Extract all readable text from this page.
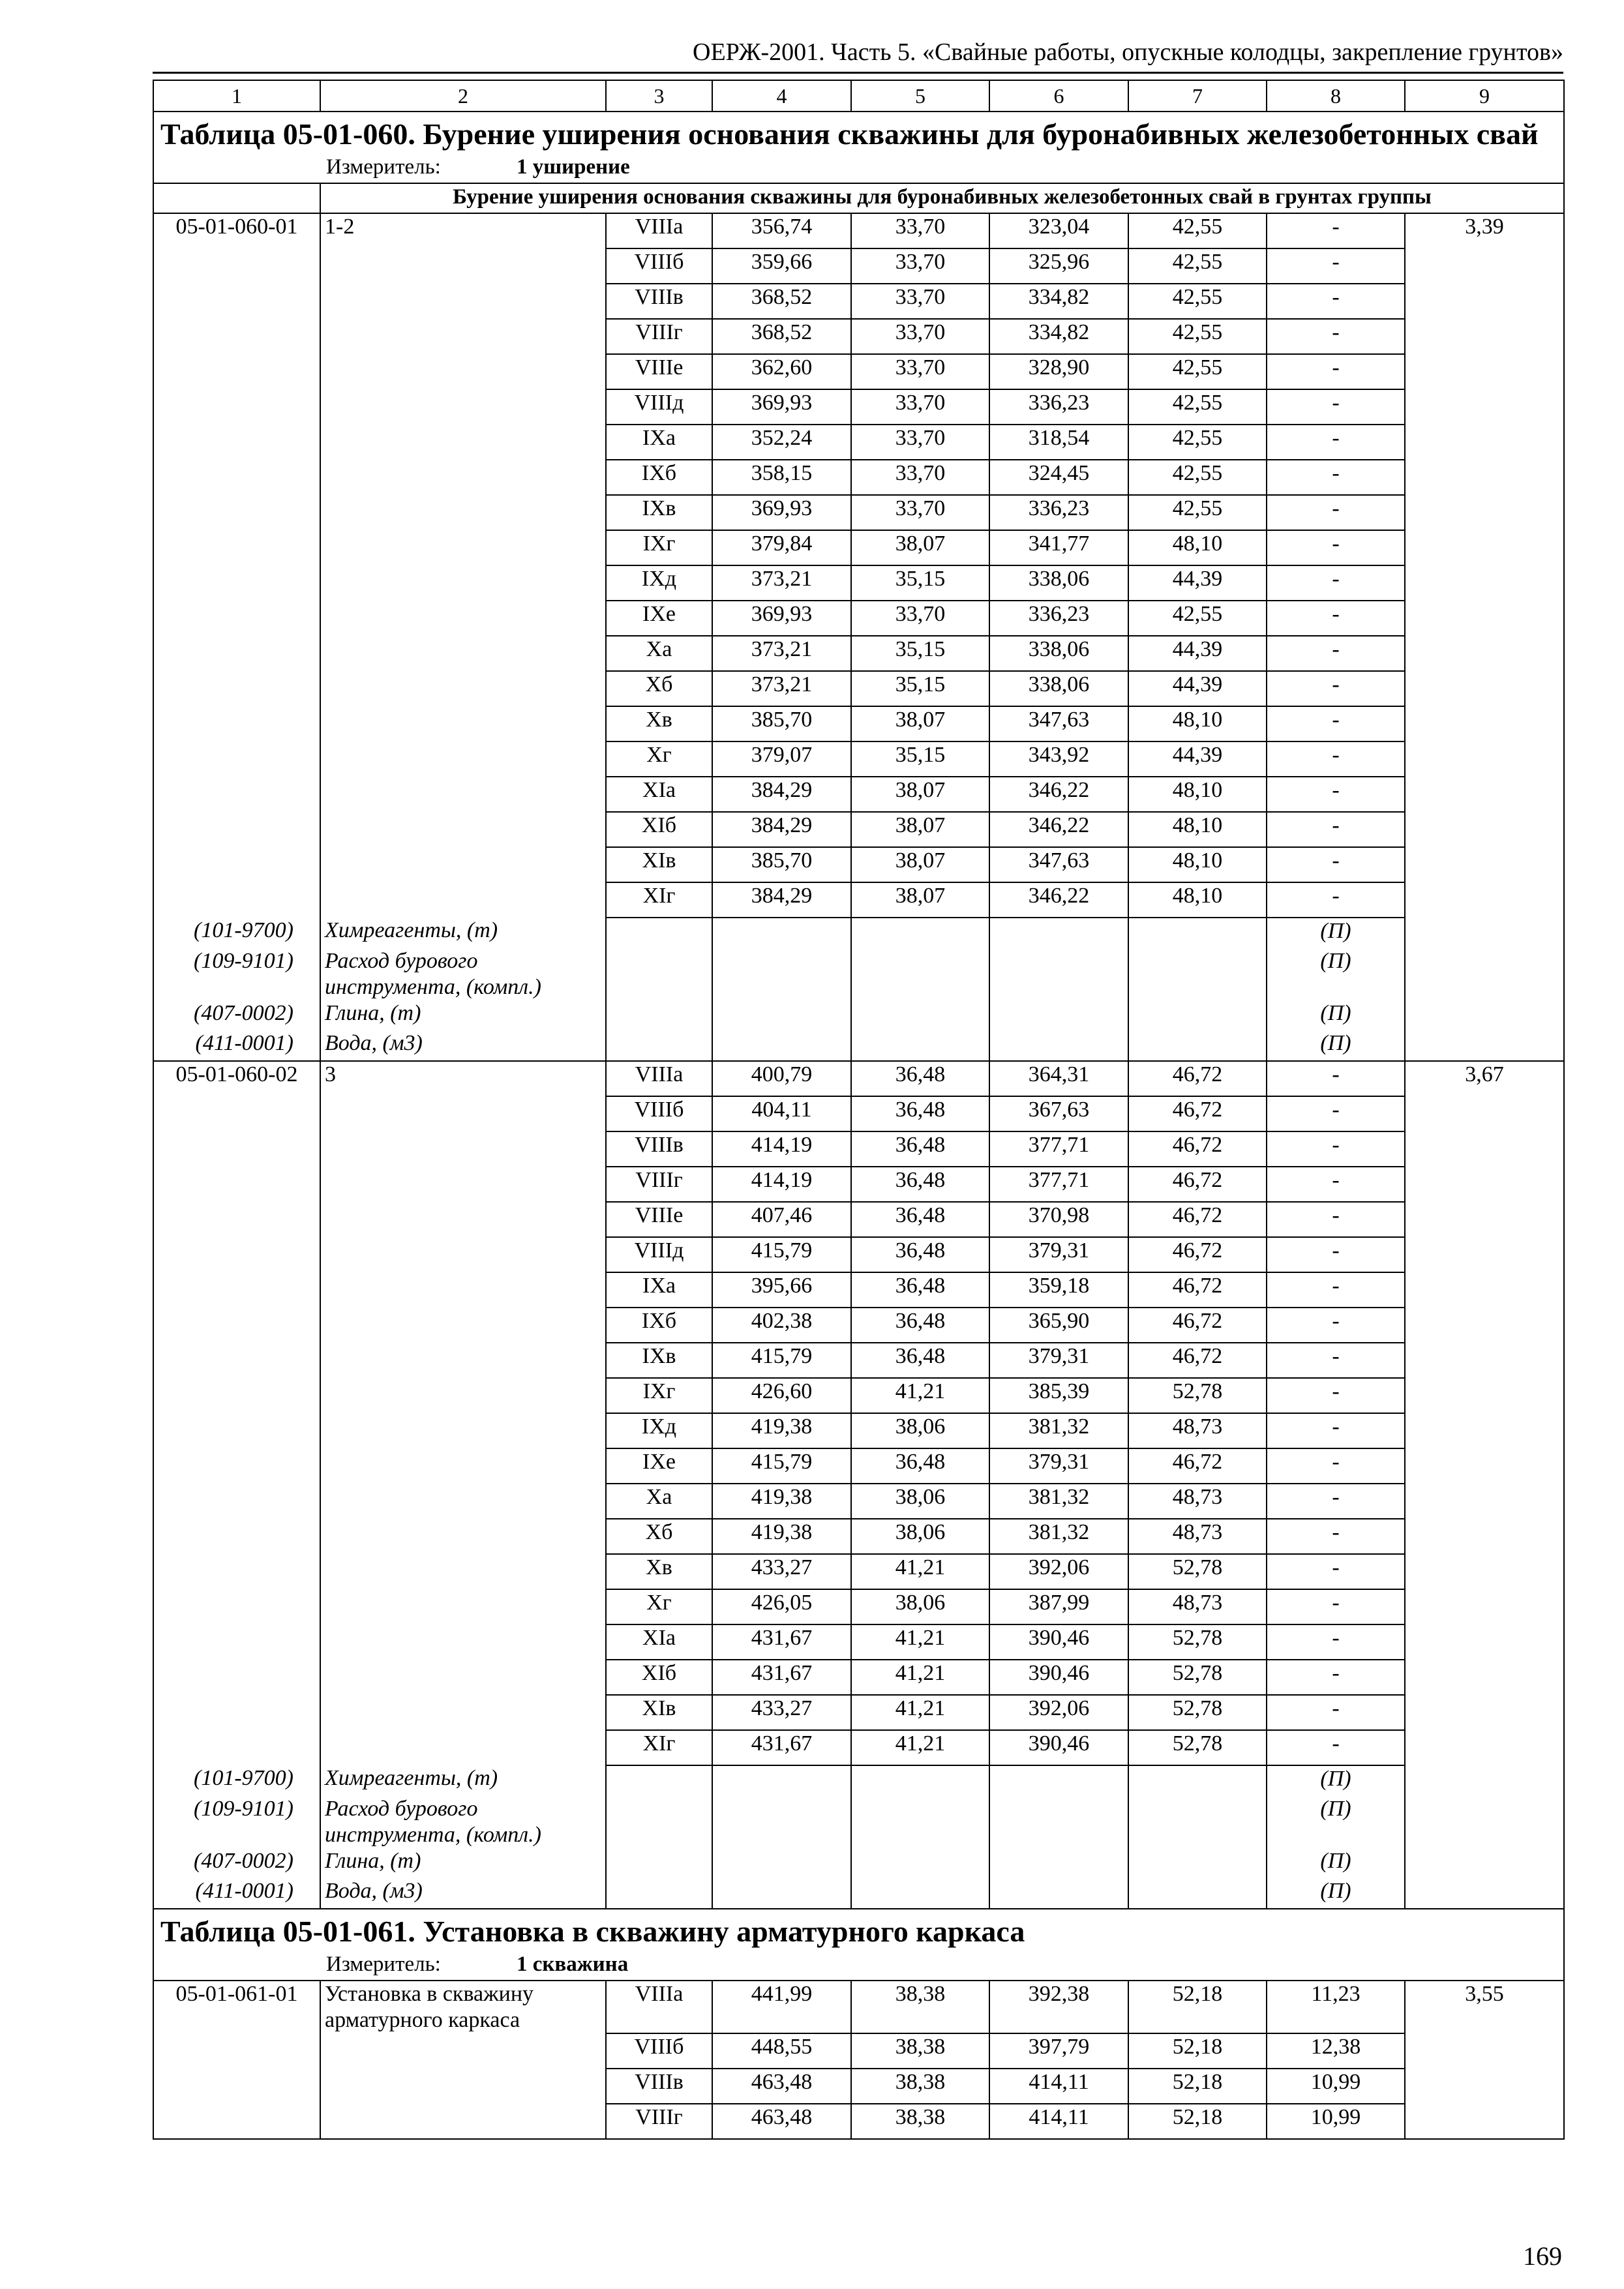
ОЕРЖ-2001. Часть 5. «Свайные работы, опускные колодцы, закрепление грунтов»
1	2	3	4	5	6	7	8	9
Таблица 05-01-060. Бурение уширения основания скважины для буронабивных железобетонных свай								
Измеритель: 1 уширение								
	Бурение уширения основания скважины для буронабивных железобетонных свай в грунтах группы							
05-01-060-01	1-2	VIIIа	356,74	33,70	323,04	42,55	-	3,39
		VIIIб	359,66	33,70	325,96	42,55	-	
		VIIIв	368,52	33,70	334,82	42,55	-	
		VIIIг	368,52	33,70	334,82	42,55	-	
		VIIIе	362,60	33,70	328,90	42,55	-	
		VIIIд	369,93	33,70	336,23	42,55	-	
		IXа	352,24	33,70	318,54	42,55	-	
		IXб	358,15	33,70	324,45	42,55	-	
		IXв	369,93	33,70	336,23	42,55	-	
		IXг	379,84	38,07	341,77	48,10	-	
		IXд	373,21	35,15	338,06	44,39	-	
		IXе	369,93	33,70	336,23	42,55	-	
		Xа	373,21	35,15	338,06	44,39	-	
		Xб	373,21	35,15	338,06	44,39	-	
		Xв	385,70	38,07	347,63	48,10	-	
		Xг	379,07	35,15	343,92	44,39	-	
		XIа	384,29	38,07	346,22	48,10	-	
		XIб	384,29	38,07	346,22	48,10	-	
		XIв	385,70	38,07	347,63	48,10	-	
		XIг	384,29	38,07	346,22	48,10	-	
(101-9700)	Химреагенты, (т)						(П)	
(109-9101)	Расход бурового инструмента, (компл.)						(П)	
(407-0002)	Глина, (т)						(П)	
(411-0001)	Вода, (м3)						(П)	
05-01-060-02	3	VIIIа	400,79	36,48	364,31	46,72	-	3,67
		VIIIб	404,11	36,48	367,63	46,72	-	
		VIIIв	414,19	36,48	377,71	46,72	-	
		VIIIг	414,19	36,48	377,71	46,72	-	
		VIIIе	407,46	36,48	370,98	46,72	-	
		VIIIд	415,79	36,48	379,31	46,72	-	
		IXа	395,66	36,48	359,18	46,72	-	
		IXб	402,38	36,48	365,90	46,72	-	
		IXв	415,79	36,48	379,31	46,72	-	
		IXг	426,60	41,21	385,39	52,78	-	
		IXд	419,38	38,06	381,32	48,73	-	
		IXе	415,79	36,48	379,31	46,72	-	
		Xа	419,38	38,06	381,32	48,73	-	
		Xб	419,38	38,06	381,32	48,73	-	
		Xв	433,27	41,21	392,06	52,78	-	
		Xг	426,05	38,06	387,99	48,73	-	
		XIа	431,67	41,21	390,46	52,78	-	
		XIб	431,67	41,21	390,46	52,78	-	
		XIв	433,27	41,21	392,06	52,78	-	
		XIг	431,67	41,21	390,46	52,78	-	
(101-9700)	Химреагенты, (т)						(П)	
(109-9101)	Расход бурового инструмента, (компл.)						(П)	
(407-0002)	Глина, (т)						(П)	
(411-0001)	Вода, (м3)						(П)	
Таблица 05-01-061. Установка в скважину арматурного каркаса								
Измеритель: 1 скважина								
05-01-061-01	Установка в скважину арматурного каркаса	VIIIа	441,99	38,38	392,38	52,18	11,23	3,55
		VIIIб	448,55	38,38	397,79	52,18	12,38	
		VIIIв	463,48	38,38	414,11	52,18	10,99	
		VIIIг	463,48	38,38	414,11	52,18	10,99	
169
